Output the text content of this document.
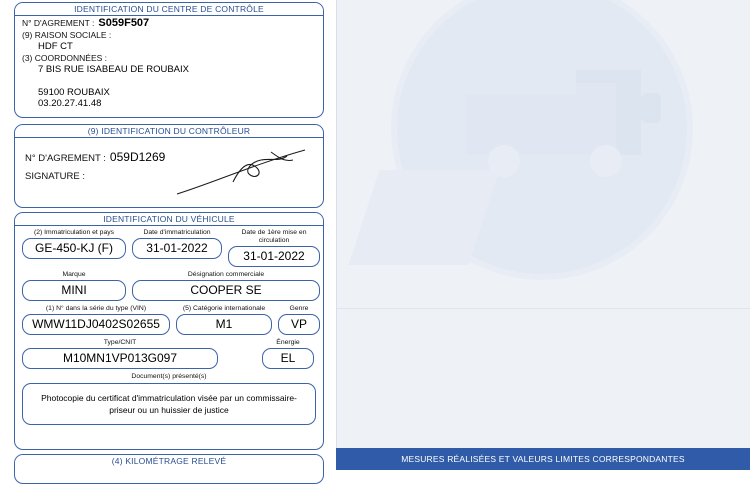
IDENTIFICATION DU CENTRE DE CONTRÔLE
N° D'AGREMENT : S059F507
(9) RAISON SOCIALE :
HDF CT
(3) COORDONNÉES :
7 BIS RUE ISABEAU DE ROUBAIX

59100 ROUBAIX
03.20.27.41.48
(9) IDENTIFICATION DU CONTRÔLEUR
N° D'AGREMENT : 059D1269
SIGNATURE :
IDENTIFICATION DU VÉHICULE
(2) Immatriculation et pays
GE-450-KJ (F)
Date d'immatriculation
31-01-2022
Date de 1ère mise en circulation
31-01-2022
Marque
MINI
Désignation commerciale
COOPER SE
(1) N° dans la série du type (VIN)
WMW11DJ0402S02655
(5) Catégorie internationale
M1
Genre
VP
Type/CNIT
M10MN1VP013G097
Énergie
EL
Document(s) présenté(s)
Photocopie du certificat d'immatriculation visée par un commissaire-priseur ou un huissier de justice
(4) KILOMÉTRAGE RELEVÉ	MESURES RÉALISÉES ET VALEURS LIMITES CORRESPONDANTES
